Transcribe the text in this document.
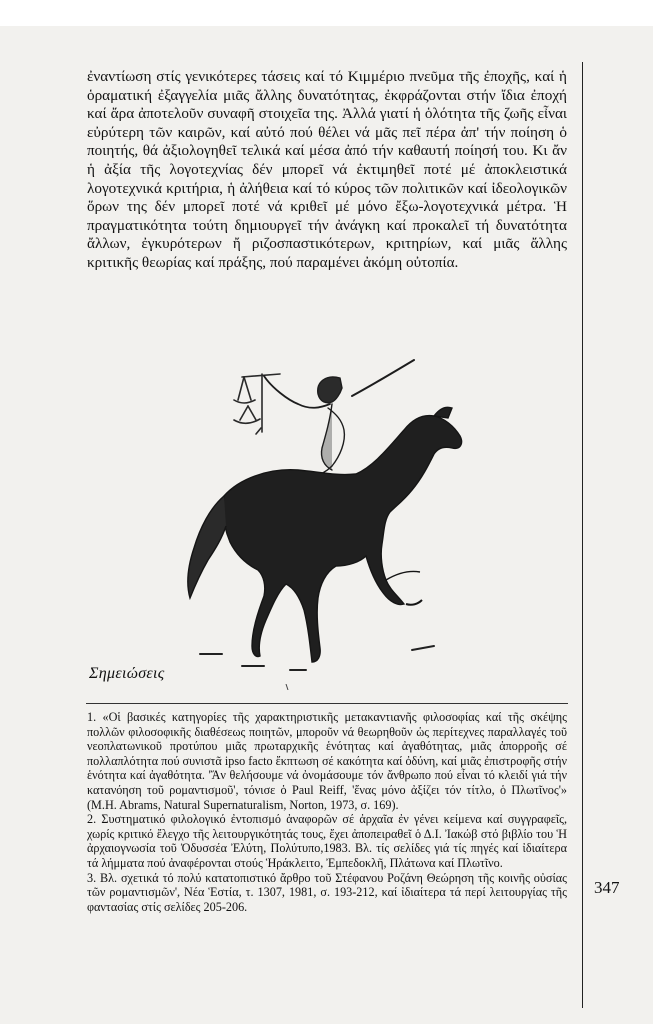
ἐναντίωση στίς γενικότερες τάσεις καί τό Κιμμέριο πνεῦμα τῆς ἐποχῆς, καί ἡ ὁραματική ἐξαγγελία μιᾶς ἄλλης δυνατότητας, ἐκφράζονται στήν ἴδια ἐποχή καί ἄρα ἀποτελοῦν συναφῆ στοιχεῖα της. Ἀλλά γιατί ἡ ὁλότητα τῆς ζωῆς εἶναι εὐρύτερη τῶν καιρῶν, καί αὐτό πού θέλει νά μᾶς πεῖ πέρα ἀπ' τήν ποίηση ὁ ποιητής, θά ἀξιολογηθεῖ τελικά καί μέσα ἀπό τήν καθαυτή ποίησή του. Κι ἄν ἡ ἀξία τῆς λογοτεχνίας δέν μπορεῖ νά ἐκτιμηθεῖ ποτέ μέ ἀποκλειστικά λογοτεχνικά κριτήρια, ἡ ἀλήθεια καί τό κύρος τῶν πολιτικῶν καί ἰδεολογικῶν ὅρων της δέν μπορεῖ ποτέ νά κριθεῖ μέ μόνο ἔξω-λογοτεχνικά μέτρα. Ἡ πραγματικότητα τούτη δημιουργεῖ τήν ἀνάγκη καί προκαλεῖ τή δυνατότητα ἄλλων, ἐγκυρότερων ἤ ριζοσπαστικότερων, κριτηρίων, καί μιᾶς ἄλλης κριτικῆς θεωρίας καί πράξης, πού παραμένει ἀκόμη οὐτοπία.

Σημειώσεις

1. «Οἱ βασικές κατηγορίες τῆς χαρακτηριστικῆς μετακαντιανῆς φιλοσοφίας καί τῆς σκέψης πολλῶν φιλοσοφικῆς διαθέσεως ποιητῶν, μποροῦν νά θεωρηθοῦν ὡς περίτεχνες παραλλαγές τοῦ νεοπλατωνικοῦ προτύπου μιᾶς πρωταρχικῆς ἑνότητας καί ἀγαθότητας, μιᾶς ἀπορροῆς σέ πολλαπλότητα πού συνιστᾶ ipso facto ἔκπτωση σέ κακότητα καί ὀδύνη, καί μιᾶς ἐπιστροφῆς στήν ἑνότητα καί ἀγαθότητα. 'Ἄν θελήσουμε νά ὀνομάσουμε τόν ἄνθρωπο πού εἶναι τό κλειδί γιά τήν κατανόηση τοῦ ρομαντισμοῦ', τόνισε ὁ Paul Reiff, 'ἕνας μόνο ἀξίζει τόν τίτλο, ὁ Πλωτῖνος'» (M.H. Abrams, Natural Supernaturalism, Norton, 1973, σ. 169).

2. Συστηματικό φιλολογικό ἐντοπισμό ἀναφορῶν σέ ἀρχαῖα ἐν γένει κείμενα καί συγγραφεῖς, χωρίς κριτικό ἔλεγχο τῆς λειτουργικότητάς τους, ἔχει ἀποπειραθεῖ ὁ Δ.Ι. Ἰακώβ στό βιβλίο του Ἡ ἀρχαιογνωσία τοῦ Ὀδυσσέα Ἐλύτη, Πολύτυπο,1983. Βλ. τίς σελίδες γιά τίς πηγές καί ἰδιαίτερα τά λήμματα πού ἀναφέρονται στούς Ἡράκλειτο, Ἐμπεδοκλῆ, Πλάτωνα καί Πλωτῖνο.

3. Βλ. σχετικά τό πολύ κατατοπιστικό ἄρθρο τοῦ Στέφανου Ροζάνη Θεώρηση τῆς κοινῆς οὐσίας τῶν ρομαντισμῶν', Νέα Ἑστία, τ. 1307, 1981, σ. 193-212, καί ἰδιαίτερα τά περί λειτουργίας τῆς φαντασίας στίς σελίδες 205-206.

347
